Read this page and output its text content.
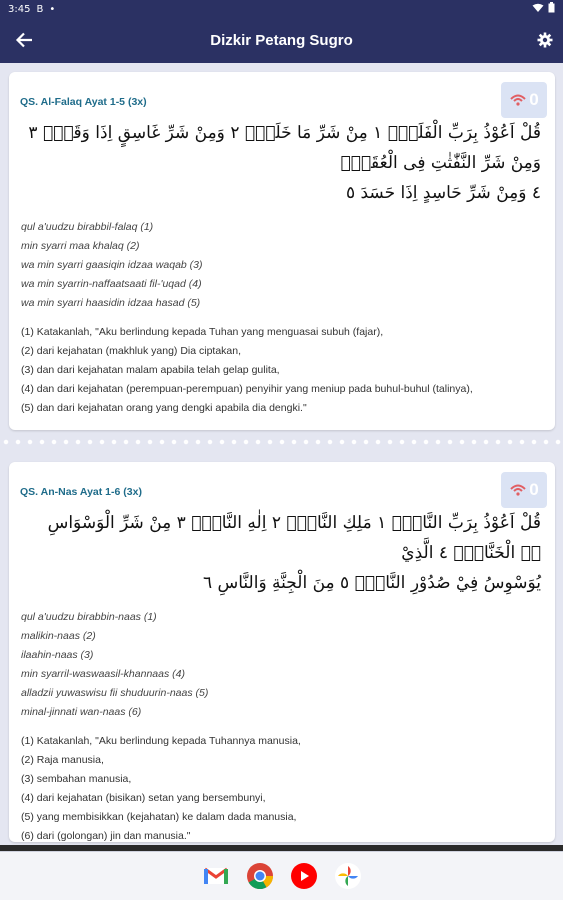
3:45 B •
Dizkir Petang Sugro
0
QS. Al-Falaq Ayat 1-5 (3x)
قُلْ اَعُوْذُ بِرَبِّ الْفَلَقِۙ ١ مِنْ شَرِّ مَا خَلَقَۙ ٢ وَمِنْ شَرِّ غَاسِقٍ اِذَا وَقَبَۙ ٣ وَمِنْ شَرِّ النَّفّٰثٰتِ فِى الْعُقَدِۙ
٤ وَمِنْ شَرِّ حَاسِدٍ اِذَا حَسَدَ ٥
qul a'uudzu birabbil-falaq (1)
min syarri maa khalaq (2)
wa min syarri gaasiqin idzaa waqab (3)
wa min syarrin-naffaatsaati fil-'uqad (4)
wa min syarri haasidin idzaa hasad (5)
(1) Katakanlah, "Aku berlindung kepada Tuhan yang menguasai subuh (fajar),
(2) dari kejahatan (makhluk yang) Dia ciptakan,
(3) dan dari kejahatan malam apabila telah gelap gulita,
(4) dan dari kejahatan (perempuan-perempuan) penyihir yang meniup pada buhul-buhul (talinya),
(5) dan dari kejahatan orang yang dengki apabila dia dengki."
0
QS. An-Nas Ayat 1-6 (3x)
قُلْ اَعُوْذُ بِرَبِّ النَّاسِۙ ١ مَلِكِ النَّاسِۙ ٢ اِلٰهِ النَّاسِۙ ٣ مِنْ شَرِّ الْوَسْوَاسِ ەۙ الْخَنَّاسِۖ ٤ الَّذِيْ
يُوَسْوِسُ فِيْ صُدُوْرِ النَّاسِۙ ٥ مِنَ الْجِنَّةِ وَالنَّاسِ ٦
qul a'uudzu birabbin-naas (1)
malikin-naas (2)
ilaahin-naas (3)
min syarril-waswaasil-khannaas (4)
alladzii yuwaswisu fii shuduurin-naas (5)
minal-jinnati wan-naas (6)
(1) Katakanlah, "Aku berlindung kepada Tuhannya manusia,
(2) Raja manusia,
(3) sembahan manusia,
(4) dari kejahatan (bisikan) setan yang bersembunyi,
(5) yang membisikkan (kejahatan) ke dalam dada manusia,
(6) dari (golongan) jin dan manusia."
